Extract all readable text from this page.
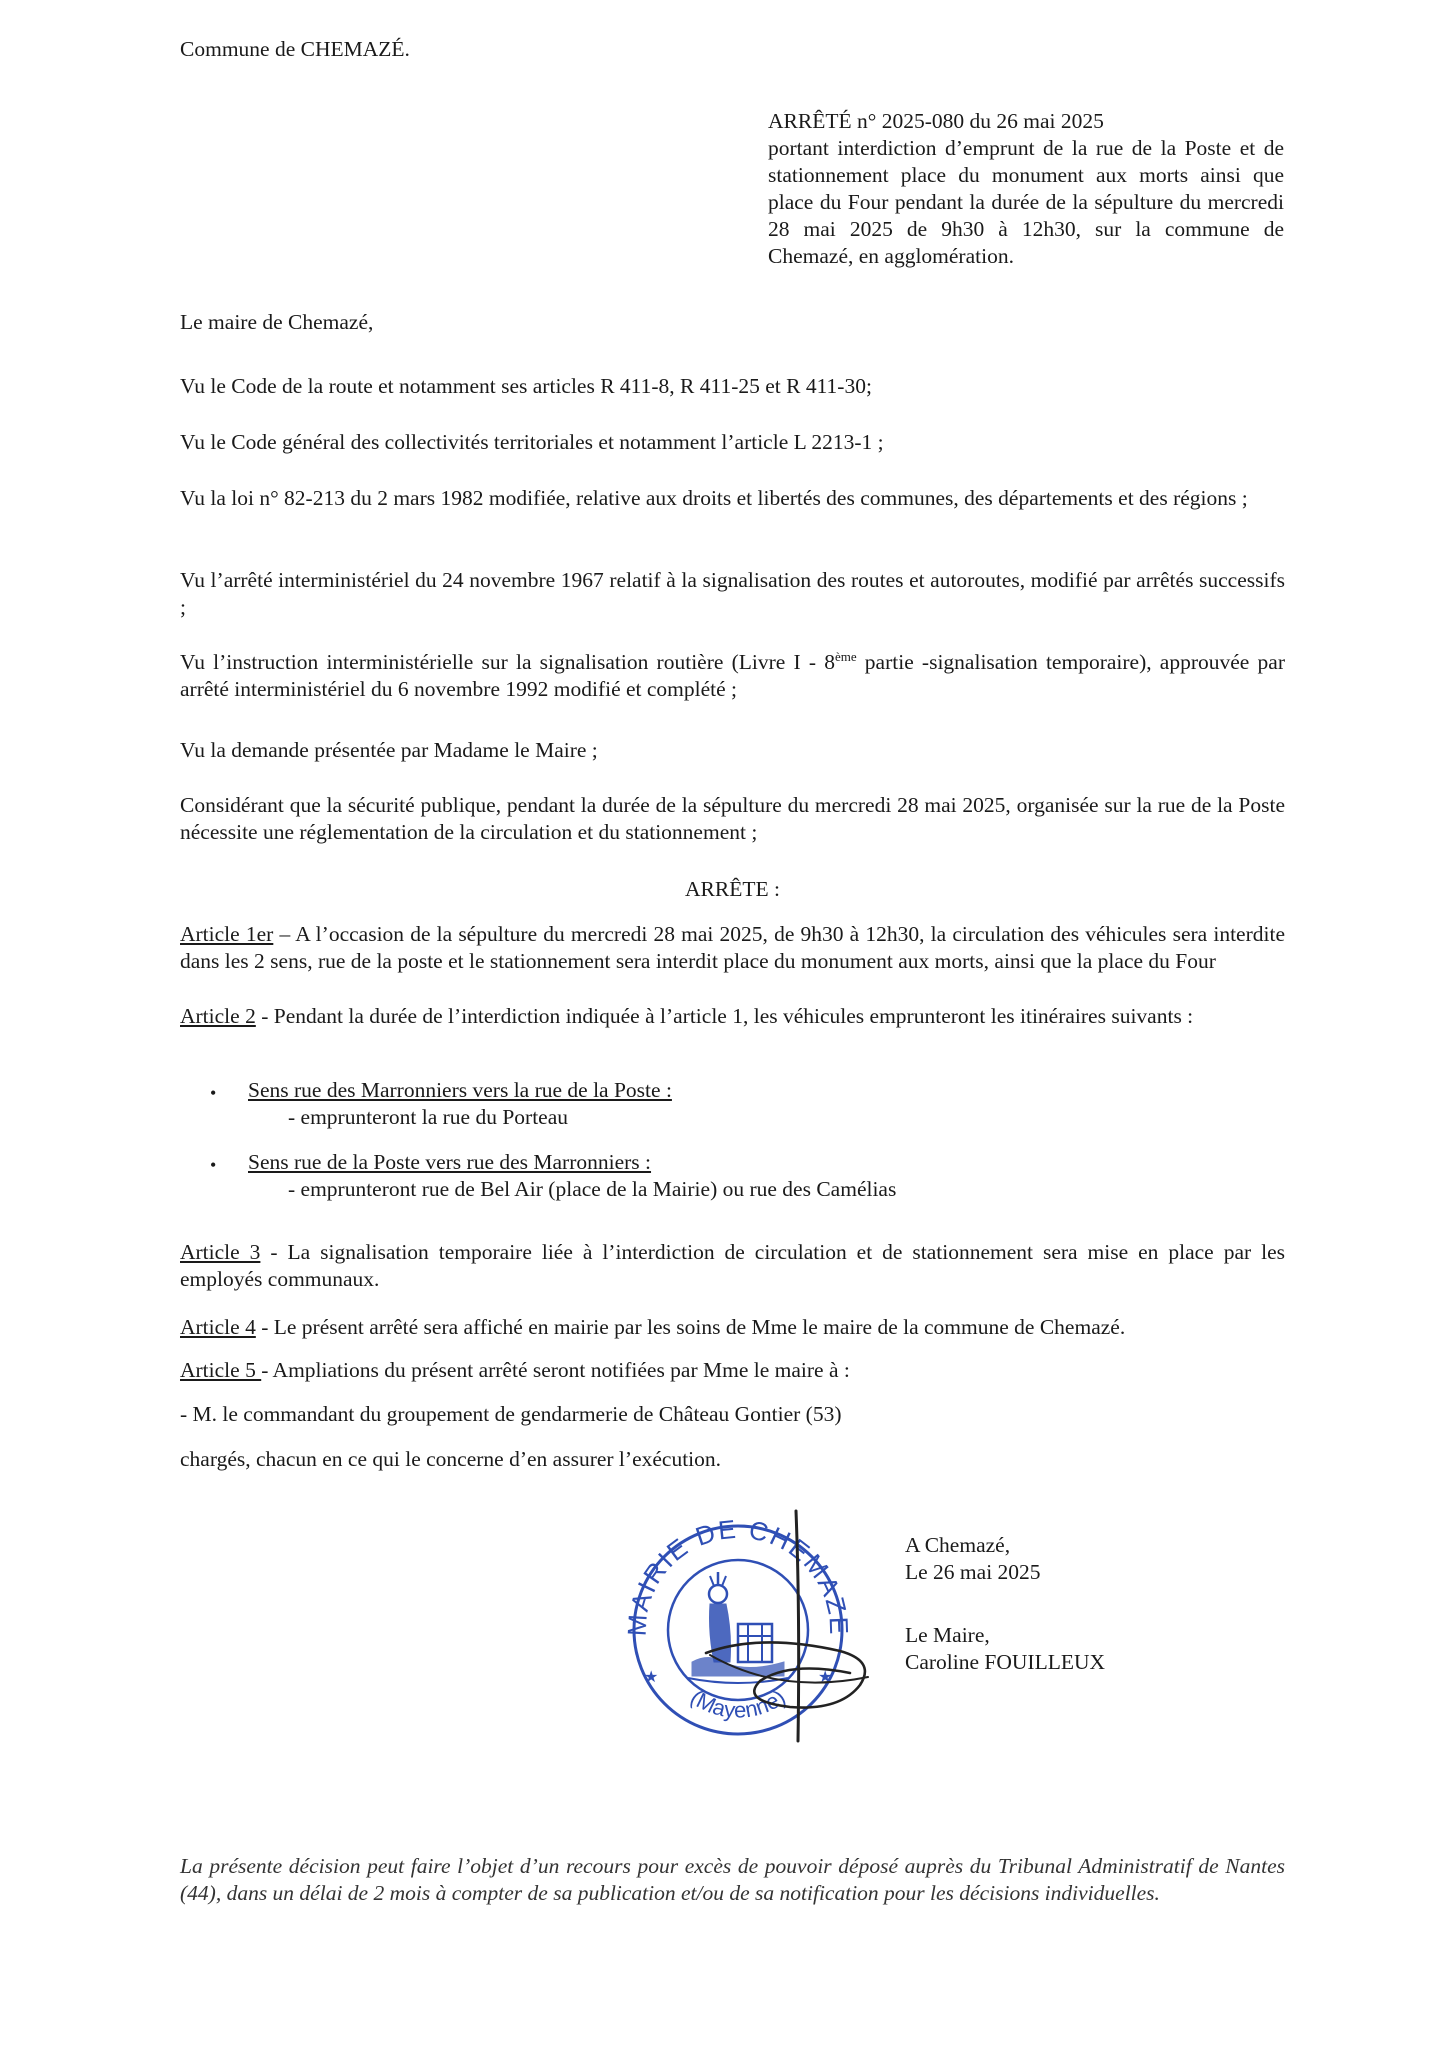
Commune de CHEMAZÉ.

ARRÊTÉ n° 2025-080 du 26 mai 2025

portant interdiction d’emprunt de la rue de la Poste et de stationnement place du monument aux morts ainsi que place du Four pendant la durée de la sépulture du mercredi 28 mai 2025 de 9h30 à 12h30, sur la commune de Chemazé, en agglomération.

Le maire de Chemazé,

Vu le Code de la route et notamment ses articles R 411-8, R 411-25 et R 411-30;

Vu le Code général des collectivités territoriales et notamment l’article L 2213-1 ;

Vu la loi n° 82-213 du 2 mars 1982 modifiée, relative aux droits et libertés des communes, des départements et des régions ;

Vu l’arrêté interministériel du 24 novembre 1967 relatif à la signalisation des routes et autoroutes, modifié par arrêtés successifs ;

Vu l’instruction interministérielle sur la signalisation routière (Livre I - 8ème partie -signalisation temporaire), approuvée par arrêté interministériel du 6 novembre 1992 modifié et complété ;

Vu la demande présentée par Madame le Maire ;

Considérant que la sécurité publique, pendant la durée de la sépulture du mercredi 28 mai 2025, organisée sur la rue de la Poste nécessite une réglementation de la circulation et du stationnement ;

ARRÊTE :

Article 1er – A l’occasion de la sépulture du mercredi 28 mai 2025, de 9h30 à 12h30, la circulation des véhicules sera interdite dans les 2 sens, rue de la poste et le stationnement sera interdit place du monument aux morts, ainsi que la place du Four

Article 2 - Pendant la durée de l’interdiction indiquée à l’article 1, les véhicules emprunteront les itinéraires suivants :

• Sens rue des Marronniers vers la rue de la Poste :
- emprunteront la rue du Porteau
• Sens rue de la Poste vers rue des Marronniers :
- emprunteront rue de Bel Air (place de la Mairie) ou rue des Camélias

Article 3 - La signalisation temporaire liée à l’interdiction de circulation et de stationnement sera mise en place par les employés communaux.

Article 4 - Le présent arrêté sera affiché en mairie par les soins de Mme le maire de la commune de Chemazé.

Article 5 - Ampliations du présent arrêté seront notifiées par Mme le maire à :

- M. le commandant du groupement de gendarmerie de Château Gontier (53)

chargés, chacun en ce qui le concerne d’en assurer l’exécution.

MAIRIE DE CHEMAZE
(Mayenne)
★	★
A Chemazé,
Le 26 mai 2025
Le Maire,
Caroline FOUILLEUX

La présente décision peut faire l’objet d’un recours pour excès de pouvoir déposé auprès du Tribunal Administratif de Nantes (44), dans un délai de 2 mois à compter de sa publication et/ou de sa notification pour les décisions individuelles.
